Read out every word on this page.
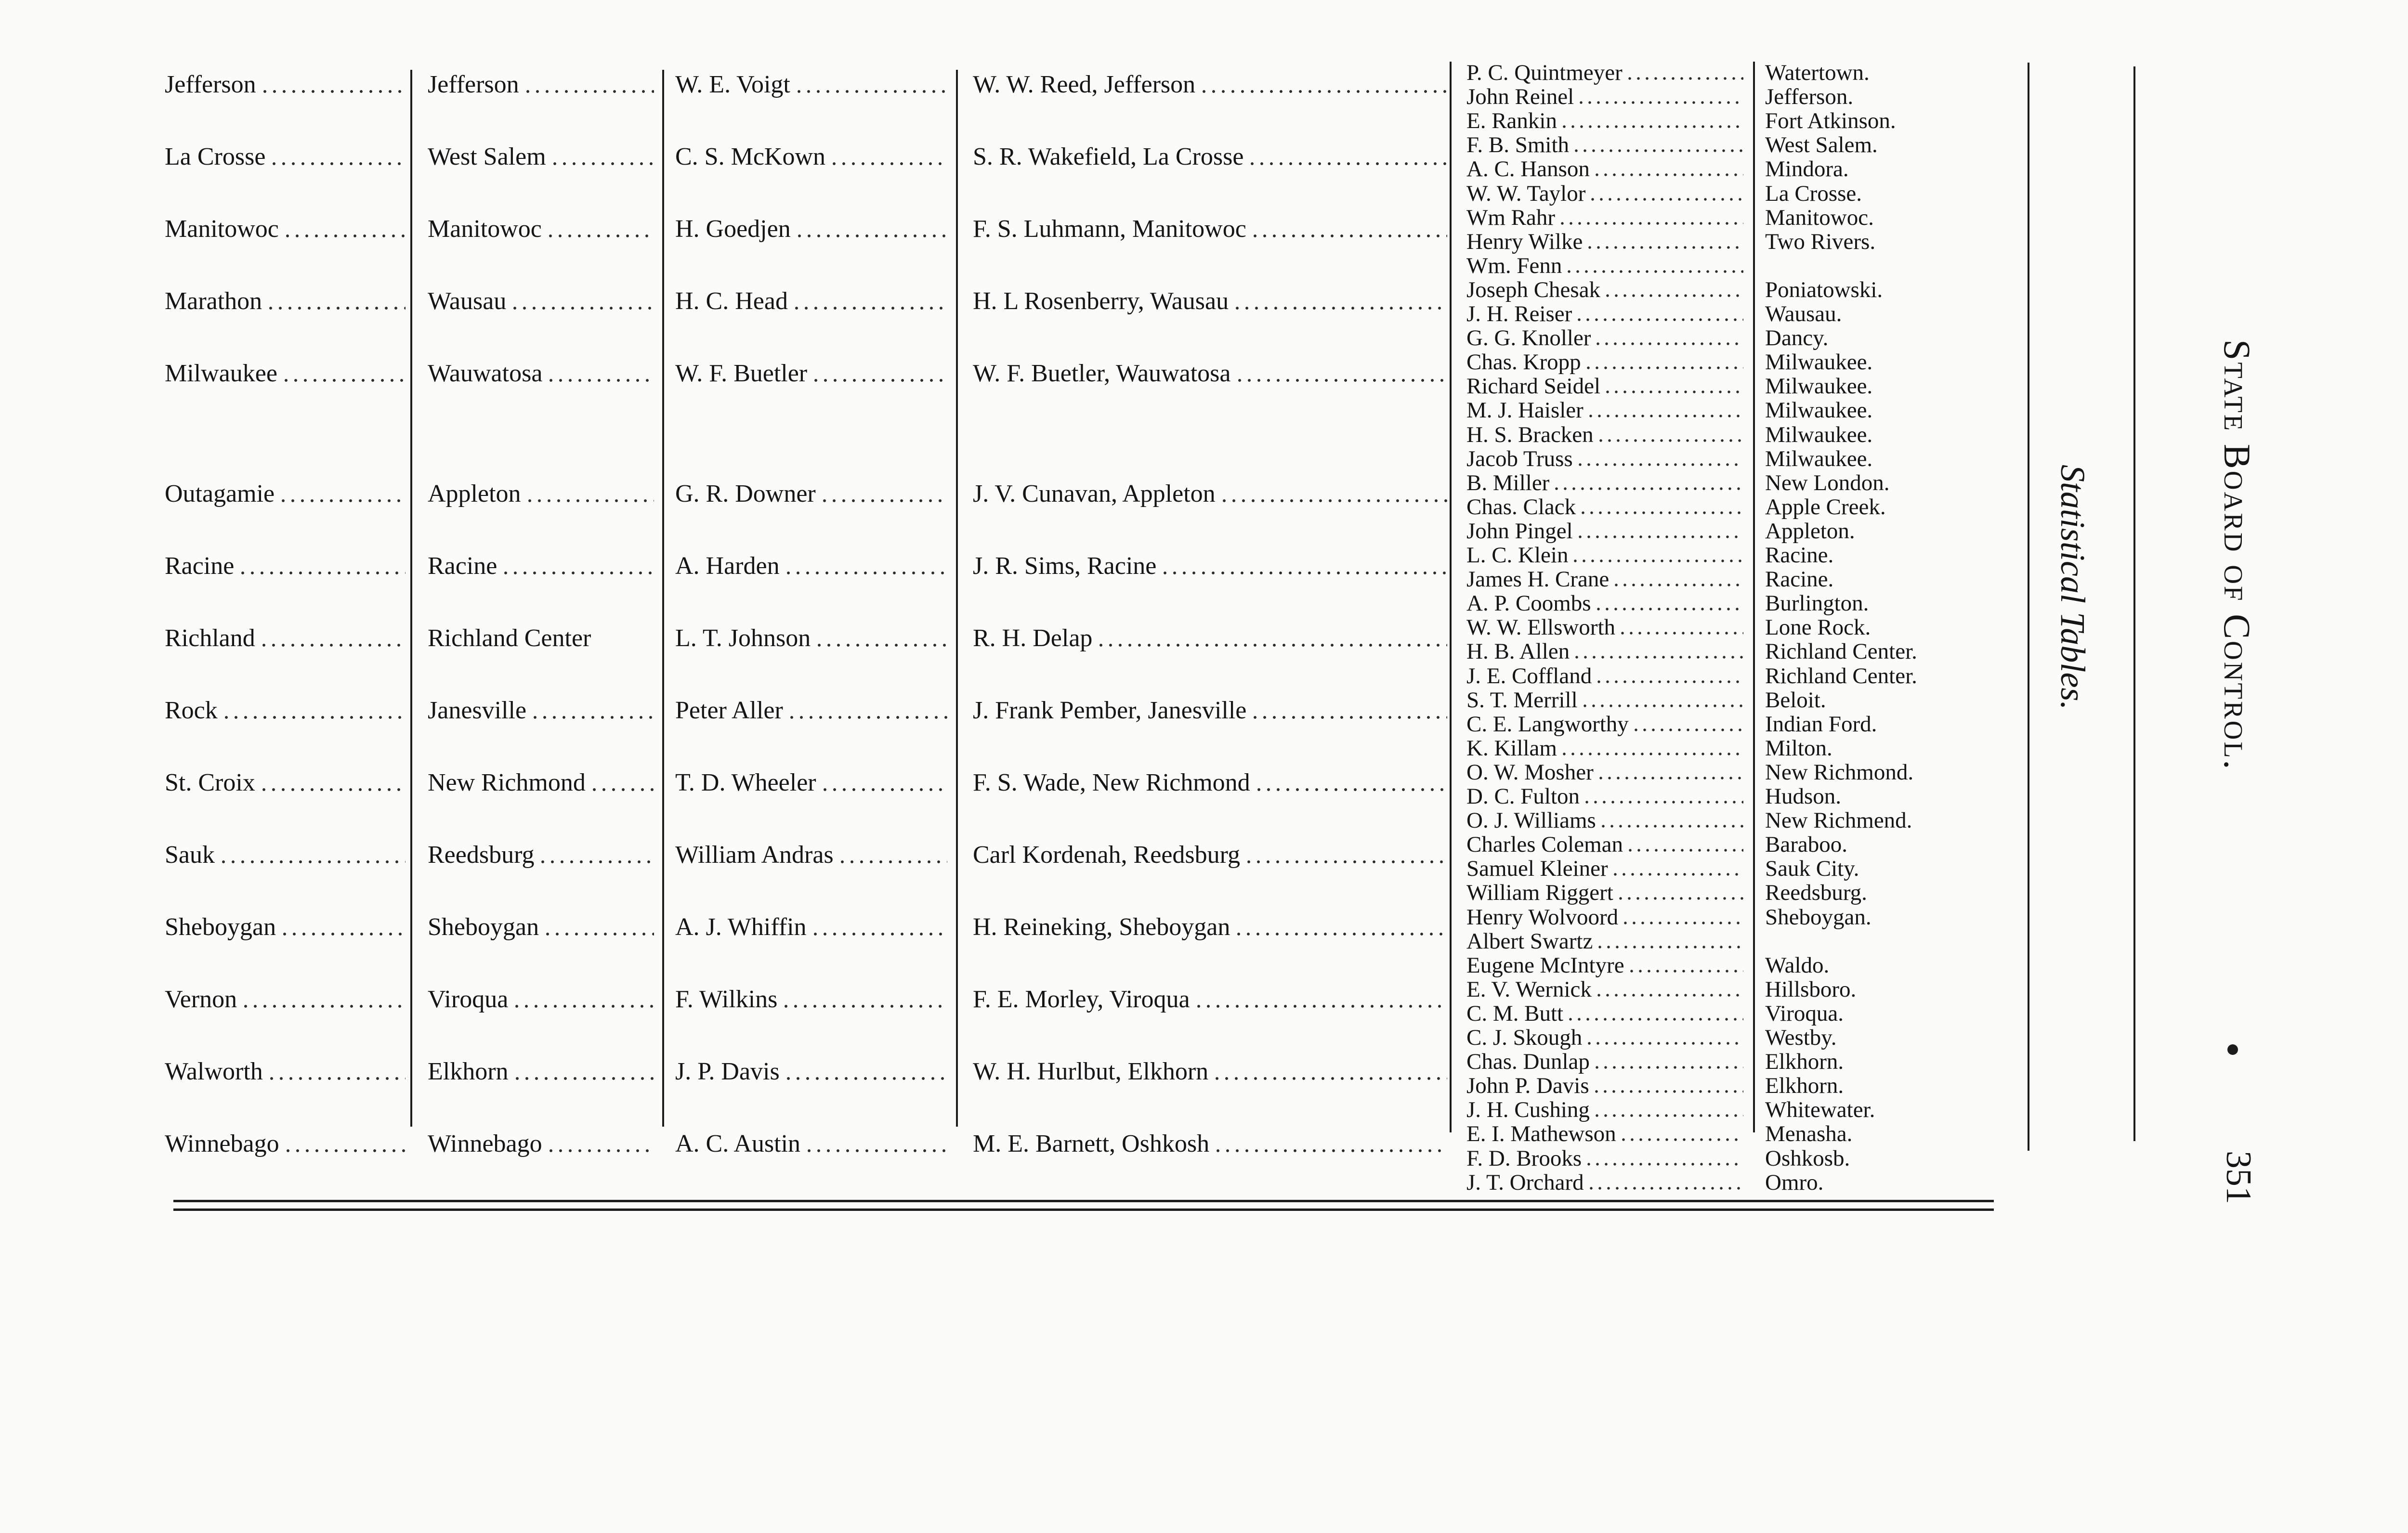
Jefferson	Jefferson	W. E. Voigt	W. W. Reed, Jefferson
La Crosse	West Salem	C. S. McKown	S. R. Wakefield, La Crosse
Manitowoc	Manitowoc	H. Goedjen	F. S. Luhmann, Manitowoc
Marathon	Wausau	H. C. Head	H. L Rosenberry, Wausau
Milwaukee	Wauwatosa	W. F. Buetler	W. F. Buetler, Wauwatosa
Outagamie	Appleton	G. R. Downer	J. V. Cunavan, Appleton
Racine	Racine	A. Harden	J. R. Sims, Racine
Richland	Richland Center	L. T. Johnson	R. H. Delap
Rock	Janesville	Peter Aller	J. Frank Pember, Janesville
St. Croix	New Richmond	T. D. Wheeler	F. S. Wade, New Richmond
Sauk	Reedsburg	William Andras	Carl Kordenah, Reedsburg
Sheboygan	Sheboygan	A. J. Whiffin	H. Reineking, Sheboygan
Vernon	Viroqua	F. Wilkins	F. E. Morley, Viroqua
Walworth	Elkhorn	J. P. Davis	W. H. Hurlbut, Elkhorn
Winnebago	Winnebago	A. C. Austin	M. E. Barnett, Oshkosh
P. C. Quintmeyer	Watertown.
John Reinel	Jefferson.
E. Rankin	Fort Atkinson.
F. B. Smith	West Salem.
A. C. Hanson	Mindora.
W. W. Taylor	La Crosse.
Wm Rahr	Manitowoc.
Henry Wilke	Two Rivers.
Wm. Fenn
Joseph Chesak	Poniatowski.
J. H. Reiser	Wausau.
G. G. Knoller	Dancy.
Chas. Kropp	Milwaukee.
Richard Seidel	Milwaukee.
M. J. Haisler	Milwaukee.
H. S. Bracken	Milwaukee.
Jacob Truss	Milwaukee.
B. Miller	New London.
Chas. Clack	Apple Creek.
John Pingel	Appleton.
L. C. Klein	Racine.
James H. Crane	Racine.
A. P. Coombs	Burlington.
W. W. Ellsworth	Lone Rock.
H. B. Allen	Richland Center.
J. E. Coffland	Richland Center.
S. T. Merrill	Beloit.
C. E. Langworthy	Indian Ford.
K. Killam	Milton.
O. W. Mosher	New Richmond.
D. C. Fulton	Hudson.
O. J. Williams	New Richmend.
Charles Coleman	Baraboo.
Samuel Kleiner	Sauk City.
William Riggert	Reedsburg.
Henry Wolvoord	Sheboygan.
Albert Swartz
Eugene McIntyre	Waldo.
E. V. Wernick	Hillsboro.
C. M. Butt	Viroqua.
C. J. Skough	Westby.
Chas. Dunlap	Elkhorn.
John P. Davis	Elkhorn.
J. H. Cushing	Whitewater.
E. I. Mathewson	Menasha.
F. D. Brooks	Oshkosb.
J. T. Orchard	Omro.
State Board of Control.
Statistical Tables.
351
